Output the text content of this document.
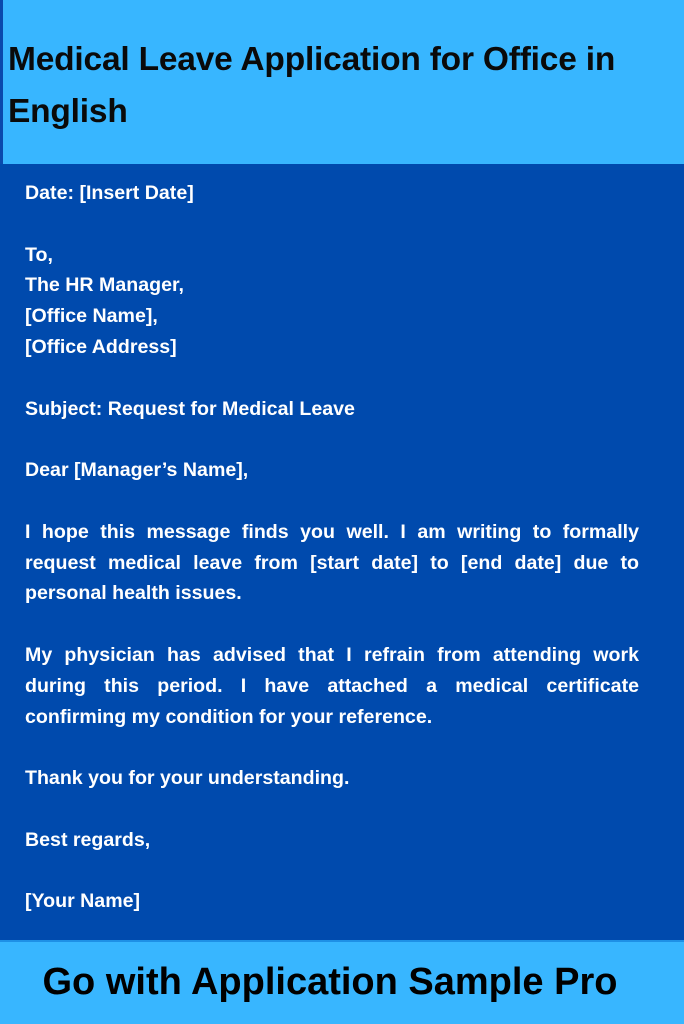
Medical Leave Application for Office in English
Date: [Insert Date]
To,
The HR Manager,
[Office Name],
[Office Address]
Subject: Request for Medical Leave
Dear [Manager’s Name],

I hope this message finds you well. I am writing to formally request medical leave from [start date] to [end date] due to personal health issues.

My physician has advised that I refrain from attending work during this period. I have attached a medical certificate confirming my condition for your reference.

Thank you for your understanding.
Best regards,
[Your Name]

Go with Application Sample Pro
